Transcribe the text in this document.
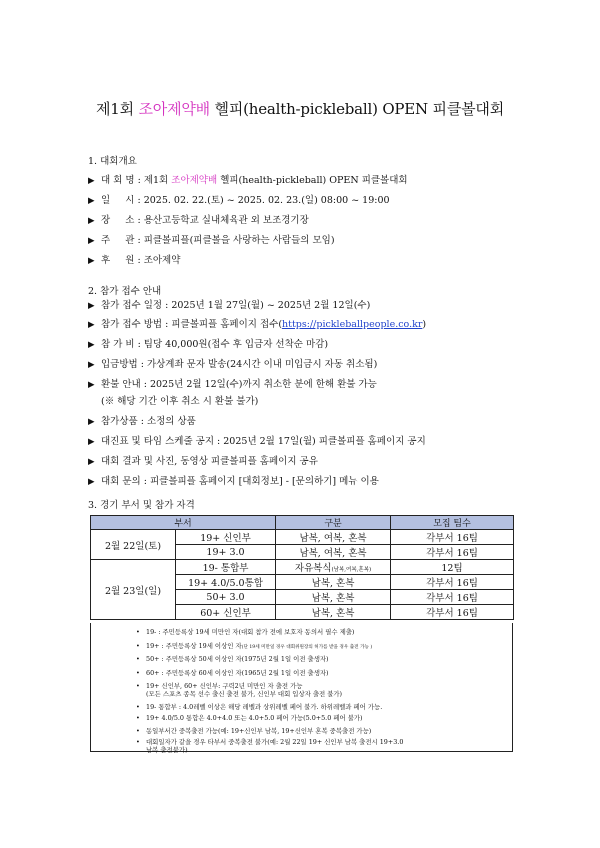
제1회 조아제약배 헬피(health-pickleball) OPEN 피클볼대회
1. 대회개요
▶ 대 회 명 : 제1회 조아제약배 헬피(health-pickleball) OPEN 피클볼대회
▶ 일     시 : 2025. 02. 22.(토) ~ 2025. 02. 23.(일) 08:00 ~ 19:00
▶ 장     소 : 용산고등학교 실내체육관 외 보조경기장
▶ 주     관 : 피클볼피플(피클볼을 사랑하는 사람들의 모임)
▶ 후     원 : 조아제약
2. 참가 접수 안내
▶ 참가 접수 일정 : 2025년 1월 27일(월) ~ 2025년 2월 12일(수)
▶ 참가 접수 방법 : 피클볼피플 홈페이지 접수(https://pickleballpeople.co.kr)
▶ 참 가 비 : 팀당 40,000원(접수 후 입금자 선착순 마감)
▶ 입금방법 : 가상계좌 문자 발송(24시간 이내 미입금시 자동 취소됨)
▶ 환불 안내 : 2025년 2월 12일(수)까지 취소한 분에 한해 환불 가능
(※ 해당 기간 이후 취소 시 환불 불가)
▶ 참가상품 : 소정의 상품
▶ 대진표 및 타임 스케줄 공지 : 2025년 2월 17일(월) 피클볼피플 홈페이지 공지
▶ 대회 결과 및 사진, 동영상 피클볼피플 홈페이지 공유
▶ 대회 문의 : 피클볼피플 홈페이지 [대회정보] - [문의하기] 메뉴 이용
3. 경기 부서 및 참가 자격
부서		구분	모집 팀수
2월 22일(토)	19+ 신인부	남복, 여복, 혼복	각부서 16팀
	19+ 3.0	남복, 여복, 혼복	각부서 16팀
2월 23일(일)	19- 통합부	자유복식(남복,여복,혼복)	12팀
	19+ 4.0/5.0통합	남복, 혼복	각부서 16팀
	50+ 3.0	남복, 혼복	각부서 16팀
	60+ 신인부	남복, 혼복	각부서 16팀
• 19- : 주민등록상 19세 미만인 자(대회 참가 전에 보호자 동의서 필수 제출)
• 19+ : 주민등록상 19세 이상인 자(단 19세 미만일 경우 대회위원장의 허가를 받을 경우 출전 가능 )
• 50+ : 주민등록상 50세 이상인 자(1975년 2월 1일 이전 출생자)
• 60+ : 주민등록상 60세 이상인 자(1965년 2월 1일 이전 출생자)
• 19+ 신인부, 60+ 신인부: 구력2년 미만인 자 출전 가능
(모든 스포츠 종목 선수 출신 출전 불가, 신인부 대회 입상자 출전 불가)
• 19- 통합부 : 4.0레벨 이상은 해당 레벨과 상위레벨 페어 불가. 하위레벨과 페어 가능.
• 19+ 4.0/5.0 통합은 4.0+4.0 또는 4.0+5.0 페어 가능(5.0+5.0 페어 불가)
• 동일부서간 중복출전 가능(예: 19+신인부 남복, 19+신인부 혼복 중복출전 가능)
• 대회일자가 같을 경우 타부서 중복출전 불가(예: 2월 22일 19+ 신인부 남복 출전시 19+3.0
남복 출전불가)
